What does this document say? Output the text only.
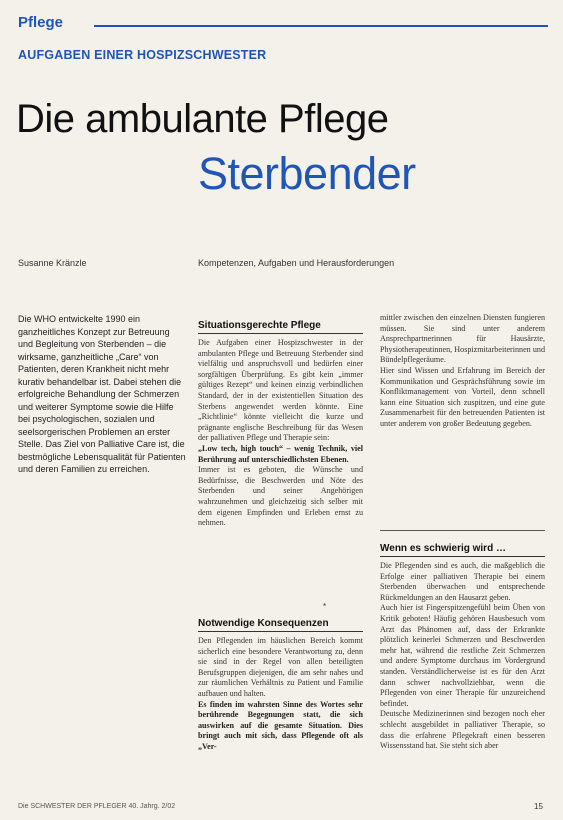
Pflege
AUFGABEN EINER HOSPIZSCHWESTER
Die ambulante Pflege
Sterbender
Susanne Kränzle	Kompetenzen, Aufgaben und Herausforderungen
Die WHO entwickelte 1990 ein ganzheitliches Konzept zur Betreuung und Begleitung von Sterbenden – die wirksame, ganzheitliche „Care“ von Patienten, deren Krankheit nicht mehr kurativ behandelbar ist. Dabei stehen die erfolgreiche Behandlung der Schmerzen und weiterer Symptome sowie die Hilfe bei psychologischen, sozialen und seelsorgerischen Problemen an erster Stelle. Das Ziel von Palliative Care ist, die bestmögliche Lebensqualität für Patienten und deren Familien zu erreichen.
Situationsgerechte Pflege

Die Aufgaben einer Hospizschwester in der ambulanten Pflege und Betreuung Sterbender sind vielfältig und anspruchsvoll und bedürfen einer sorgfältigen Überprüfung. Es gibt kein „immer gültiges Rezept“ und keinen einzig verbindlichen Standard, der in der existentiellen Situation des Sterbens angewendet werden könnte. Eine „Richtlinie“ könnte vielleicht die kurze und prägnante englische Beschreibung für das Wesen der palliativen Pflege und Therapie sein:

„Low tech, high touch“ – wenig Technik, viel Berührung auf unterschiedlichsten Ebenen.

Immer ist es geboten, die Wünsche und Bedürfnisse, die Beschwerden und Nöte des Sterbenden und seiner Angehörigen wahrzunehmen und gleichzeitig sich selber mit dem eigenen Empfinden und Erleben ernst zu nehmen.

*
Notwendige Konsequenzen

Den Pflegenden im häuslichen Bereich kommt sicherlich eine besondere Verantwortung zu, denn sie sind in der Regel von allen beteiligten Berufsgruppen diejenigen, die am sehr nahes und zur räumlichen Verhältnis zu Patient und Familie aufbauen und halten.

Es finden im wahrsten Sinne des Wortes sehr berührende Begegnungen statt, die sich auswirken auf die gesamte Situation. Dies bringt auch mit sich, dass Pflegende oft als „Ver-

mittler zwischen den einzelnen Diensten fungieren müssen. Sie sind unter anderem Ansprechpartnerinnen für Hausärzte, Physiotherapeutinnen, Hospizmitarbeiterinnen und Bündelpflegeräume.
Hier sind Wissen und Erfahrung im Bereich der Kommunikation und Gesprächsführung sowie im Konfliktmanagement von Vorteil, denn schnell kann eine Situation sich zuspitzen, und eine gute Zusammenarbeit für den betreuenden Patienten ist unter anderem von großer Bedeutung gegeben.

Wenn es schwierig wird …

Die Pflegenden sind es auch, die maßgeblich die Erfolge einer palliativen Therapie bei einem Sterbenden überwachen und entsprechende Rückmeldungen an den Hausarzt geben.

Auch hier ist Fingerspitzengefühl beim Üben von Kritik geboten! Häufig gehören Hausbesuch vom Arzt das Phänomen auf, dass der Erkrankte plötzlich keinerlei Schmerzen und Beschwerden mehr hat, während die restliche Zeit Schmerzen und andere Symptome durchaus im Vordergrund standen. Verständlicherweise ist es für den Arzt dann schwer nachvollziehbar, wenn die Pflegenden von einer Therapie für unzureichend befindet.

Deutsche Medizinerinnen sind bezogen noch eher schlecht ausgebildet in palliativer Therapie, so dass die erfahrene Pflegekraft einen besseren Wissensstand hat. Sie steht sich aber

Die SCHWESTER DER PFLEGER 40. Jahrg. 2/02	15
